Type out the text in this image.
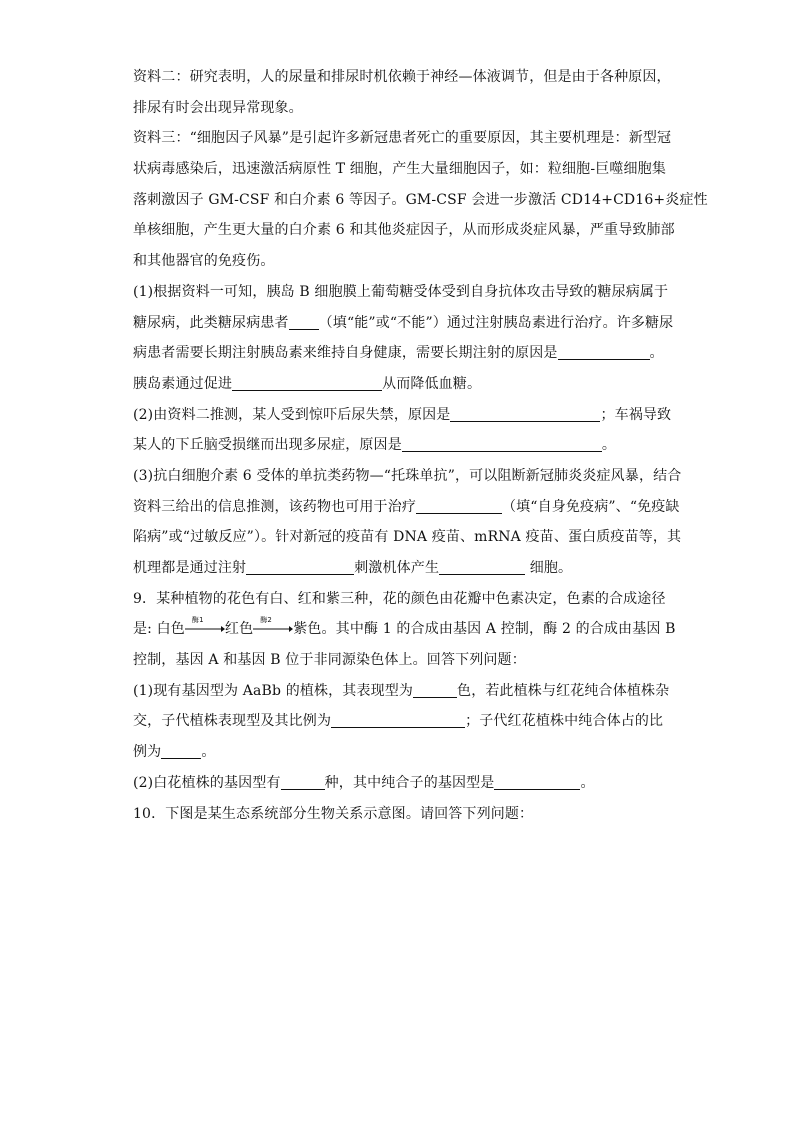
资料二：研究表明，人的尿量和排尿时机依赖于神经—体液调节，但是由于各种原因，
排尿有时会出现异常现象。
资料三：“细胞因子风暴”是引起许多新冠患者死亡的重要原因，其主要机理是：新型冠
状病毒感染后，迅速激活病原性 T 细胞，产生大量细胞因子，如：粒细胞-巨噬细胞集
落刺激因子 GM-CSF 和白介素 6 等因子。GM-CSF 会进一步激活 CD14+CD16+炎症性
单核细胞，产生更大量的白介素 6 和其他炎症因子，从而形成炎症风暴，严重导致肺部
和其他器官的免疫伤。
(1)根据资料一可知，胰岛 B 细胞膜上葡萄糖受体受到自身抗体攻击导致的糖尿病属于
糖尿病，此类糖尿病患者 （填“能”或“不能”）通过注射胰岛素进行治疗。许多糖尿
病患者需要长期注射胰岛素来维持自身健康，需要长期注射的原因是	。
胰岛素通过促进	从而降低血糖。
(2)由资料二推测，某人受到惊吓后尿失禁，原因是	；车祸导致
某人的下丘脑受损继而出现多尿症，原因是	。
(3)抗白细胞介素 6 受体的单抗类药物—“托珠单抗”，可以阻断新冠肺炎炎症风暴，结合
资料三给出的信息推测，该药物也可用于治疗	（填“自身免疫病”、“免疫缺
陷病”或“过敏反应”）。针对新冠的疫苗有 DNA 疫苗、mRNA 疫苗、蛋白质疫苗等，其
机理都是通过注射	刺激机体产生	细胞。
9．某种植物的花色有白、红和紫三种，花的颜色由花瓣中色素决定，色素的合成途径
是: 白色
酶1
红色
酶2
紫色。其中酶 1 的合成由基因 A 控制，酶 2 的合成由基因 B
控制，基因 A 和基因 B 位于非同源染色体上。回答下列问题：
(1)现有基因型为 AaBb 的植株，其表现型为	色，若此植株与红花纯合体植株杂
交，子代植株表现型及其比例为	；子代红花植株中纯合体占的比
例为	。
(2)白花植株的基因型有	种，其中纯合子的基因型是	。
10．下图是某生态系统部分生物关系示意图。请回答下列问题：
